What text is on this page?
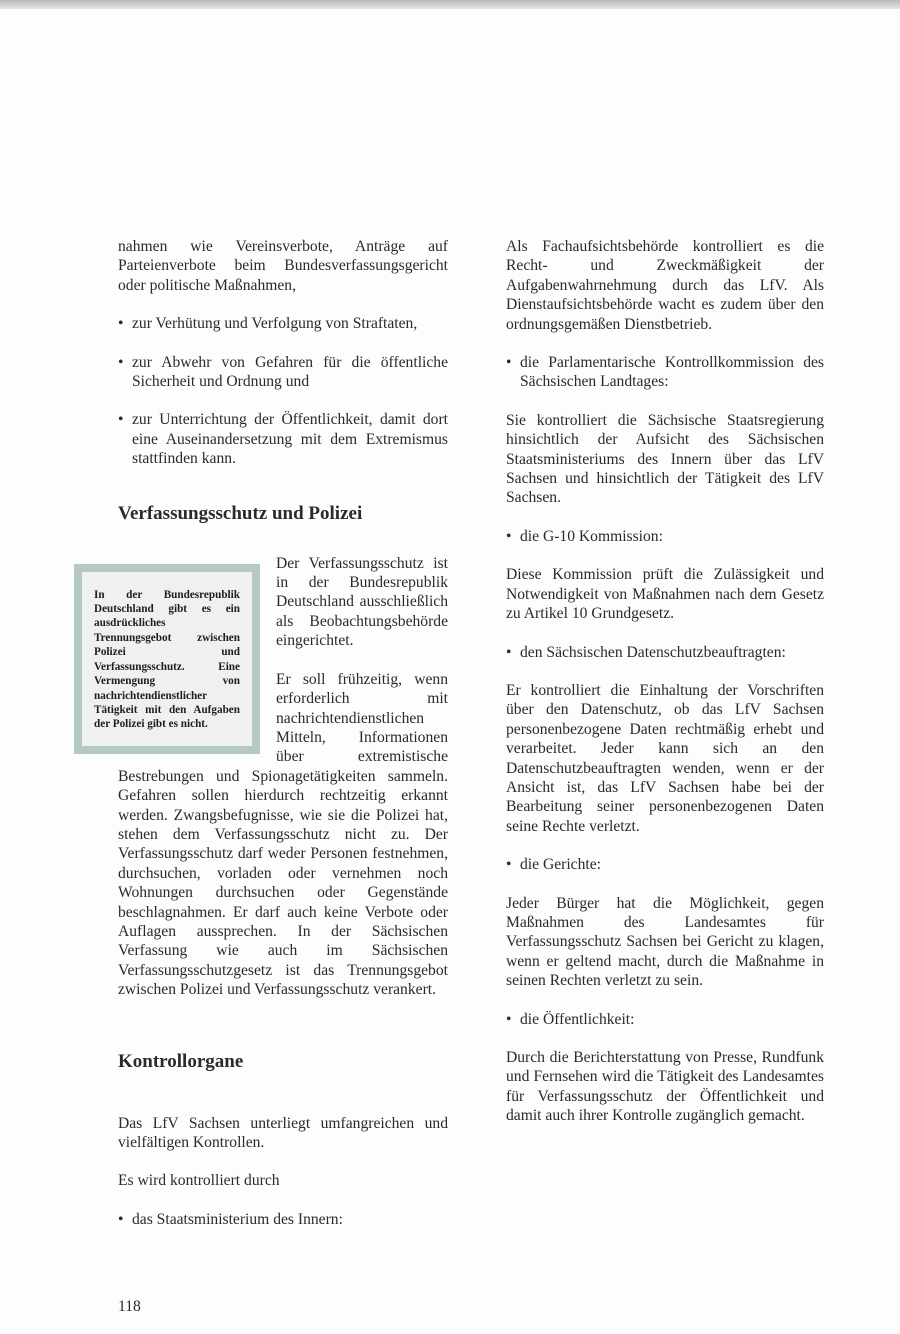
nahmen wie Vereinsverbote, Anträge auf Parteienverbote beim Bundesverfassungsgericht oder politische Maßnahmen,

• zur Verhütung und Verfolgung von Straftaten,

• zur Abwehr von Gefahren für die öffentliche Sicherheit und Ordnung und

• zur Unterrichtung der Öffentlichkeit, damit dort eine Auseinandersetzung mit dem Extremismus stattfinden kann.

Verfassungsschutz und Polizei

In der Bundesrepublik Deutschland gibt es ein ausdrückliches Trennungsgebot zwischen Polizei und Verfassungsschutz. Eine Vermengung von nachrichtendienstlicher Tätigkeit mit den Aufgaben der Polizei gibt es nicht.

Der Verfassungsschutz ist in der Bundesrepublik Deutschland ausschließlich als Beobachtungsbehörde eingerichtet.

Er soll frühzeitig, wenn erforderlich mit nachrichtendienstlichen Mitteln, Informationen über extremistische Bestrebungen und Spionagetätigkeiten sammeln. Gefahren sollen hierdurch rechtzeitig erkannt werden. Zwangsbefugnisse, wie sie die Polizei hat, stehen dem Verfassungsschutz nicht zu. Der Verfassungsschutz darf weder Personen festnehmen, durchsuchen, vorladen oder vernehmen noch Wohnungen durchsuchen oder Gegenstände beschlagnahmen. Er darf auch keine Verbote oder Auflagen aussprechen. In der Sächsischen Verfassung wie auch im Sächsischen Verfassungsschutzgesetz ist das Trennungsgebot zwischen Polizei und Verfassungsschutz verankert.

Kontrollorgane

Das LfV Sachsen unterliegt umfangreichen und vielfältigen Kontrollen.

Es wird kontrolliert durch

• das Staatsministerium des Innern:

Als Fachaufsichtsbehörde kontrolliert es die Recht- und Zweckmäßigkeit der Aufgabenwahrnehmung durch das LfV. Als Dienstaufsichtsbehörde wacht es zudem über den ordnungsgemäßen Dienstbetrieb.

• die Parlamentarische Kontrollkommission des Sächsischen Landtages:

Sie kontrolliert die Sächsische Staatsregierung hinsichtlich der Aufsicht des Sächsischen Staatsministeriums des Innern über das LfV Sachsen und hinsichtlich der Tätigkeit des LfV Sachsen.

• die G-10 Kommission:

Diese Kommission prüft die Zulässigkeit und Notwendigkeit von Maßnahmen nach dem Gesetz zu Artikel 10 Grundgesetz.

• den Sächsischen Datenschutzbeauftragten:

Er kontrolliert die Einhaltung der Vorschriften über den Datenschutz, ob das LfV Sachsen personenbezogene Daten rechtmäßig erhebt und verarbeitet. Jeder kann sich an den Datenschutzbeauftragten wenden, wenn er der Ansicht ist, das LfV Sachsen habe bei der Bearbeitung seiner personenbezogenen Daten seine Rechte verletzt.

• die Gerichte:

Jeder Bürger hat die Möglichkeit, gegen Maßnahmen des Landesamtes für Verfassungsschutz Sachsen bei Gericht zu klagen, wenn er geltend macht, durch die Maßnahme in seinen Rechten verletzt zu sein.

• die Öffentlichkeit:

Durch die Berichterstattung von Presse, Rundfunk und Fernsehen wird die Tätigkeit des Landesamtes für Verfassungsschutz der Öffentlichkeit und damit auch ihrer Kontrolle zugänglich gemacht.

118
